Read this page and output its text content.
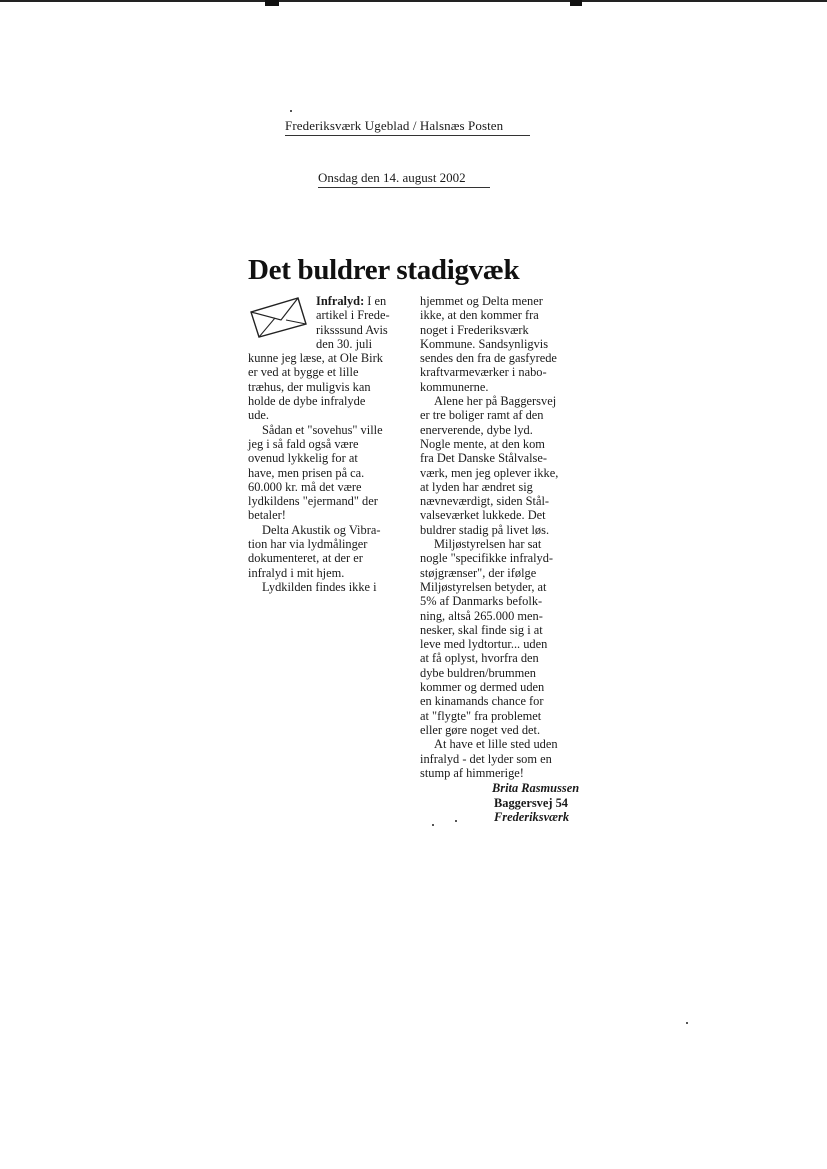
Frederiksværk Ugeblad / Halsnæs Posten
Onsdag den 14. august 2002
Det buldrer stadigvæk
Infralyd: I en
artikel i Frede-
riksssund Avis
den 30. juli

kunne jeg læse, at Ole Birk
er ved at bygge et lille
træhus, der muligvis kan
holde de dybe infralyde
ude.

Sådan et "sovehus" ville
jeg i så fald også være
ovenud lykkelig for at
have, men prisen på ca.
60.000 kr. må det være
lydkildens "ejermand" der
betaler!

Delta Akustik og Vibra-
tion har via lydmålinger
dokumenteret, at der er
infralyd i mit hjem.

Lydkilden findes ikke i

hjemmet og Delta mener
ikke, at den kommer fra
noget i Frederiksværk
Kommune. Sandsynligvis
sendes den fra de gasfyrede
kraftvarmeværker i nabo-
kommunerne.

Alene her på Baggersvej
er tre boliger ramt af den
enerverende, dybe lyd.
Nogle mente, at den kom
fra Det Danske Stålvalse-
værk, men jeg oplever ikke,
at lyden har ændret sig
nævneværdigt, siden Stål-
valseværket lukkede. Det
buldrer stadig på livet løs.

Miljøstyrelsen har sat
nogle "specifikke infralyd-
støjgrænser", der ifølge
Miljøstyrelsen betyder, at
5% af Danmarks befolk-
ning, altså 265.000 men-
nesker, skal finde sig i at
leve med lydtortur... uden
at få oplyst, hvorfra den
dybe buldren/brummen
kommer og dermed uden
en kinamands chance for
at "flygte" fra problemet
eller gøre noget ved det.

At have et lille sted uden
infralyd - det lyder som en
stump af himmerige!

Brita Rasmussen
Baggersvej 54
Frederiksværk
